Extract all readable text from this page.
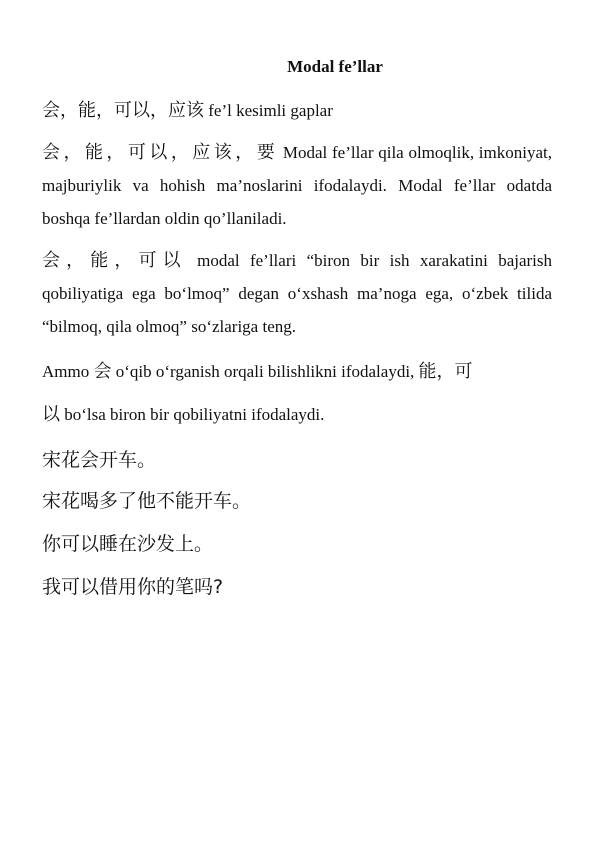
Modal fe’llar
会，能，可以，应该 fe’l kesimli gaplar
会，能，可以，应该，要 Modal fe’llar qila olmoqlik, imkoniyat, majburiylik va hohish ma’noslarini ifodalaydi. Modal fe’llar odatda boshqa fe’llardan oldin qo’llaniladi.
会，能，可以 modal fe’llari “biron bir ish xarakatini bajarish qobiliyatiga ega bo‘lmoq” degan o‘xshash ma’noga ega, o‘zbek tilida “bilmoq, qila olmoq” so‘zlariga teng.
Ammo 会 o‘qib o‘rganish orqali bilishlikni ifodalaydi, 能，可
以 bo‘lsa biron bir qobiliyatni ifodalaydi.
宋花会开车。
宋花喝多了他不能开车。
你可以睡在沙发上。
我可以借用你的笔吗?
